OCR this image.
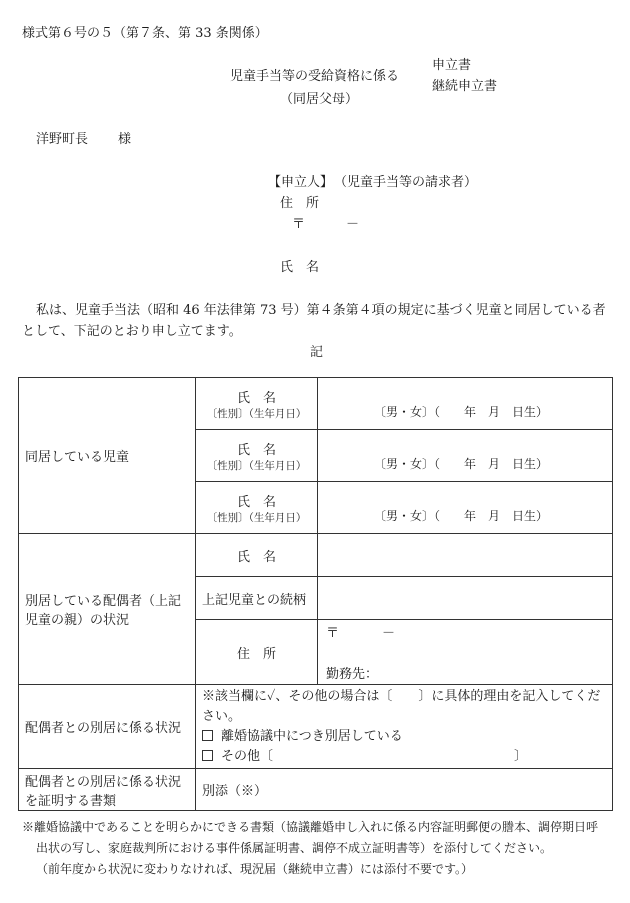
様式第６号の５（第７条、第 33 条関係）
児童手当等の受給資格に係る
（同居父母）
申立書
継続申立書
洋野町長 様
【申立人】 （児童手当等の請求者）
住　所
〒	－
氏　名
私は、児童手当法（昭和 46 年法律第 73 号）第４条第４項の規定に基づく児童と同居している者
として、下記のとおり申し立てます。
記
同居している児童	氏　名
〔性別〕（生年月日）	〔男・女〕（　　年　月　日生）

	氏　名
〔性別〕（生年月日）	〔男・女〕（　　年　月　日生）

	氏　名
〔性別〕（生年月日）	〔男・女〕（　　年　月　日生）

別居している配偶者（上記
児童の親）の状況	氏　名	
	上記児童との続柄	
	住　所	〒 －
勤務先：

配偶者との別居に係る状況	※該当欄に✓、その他の場合は〔　　〕に具体的理由を記入してくだ
さい。
離婚協議中につき別居している
その他〔 〕	

配偶者との別居に係る状況
を証明する書類	別添（※）	
※離婚協議中であることを明らかにできる書類（協議離婚申し入れに係る内容証明郵便の謄本、調停期日呼
出状の写し、家庭裁判所における事件係属証明書、調停不成立証明書等）を添付してください。
（前年度から状況に変わりなければ、現況届（継続申立書）には添付不要です。）
